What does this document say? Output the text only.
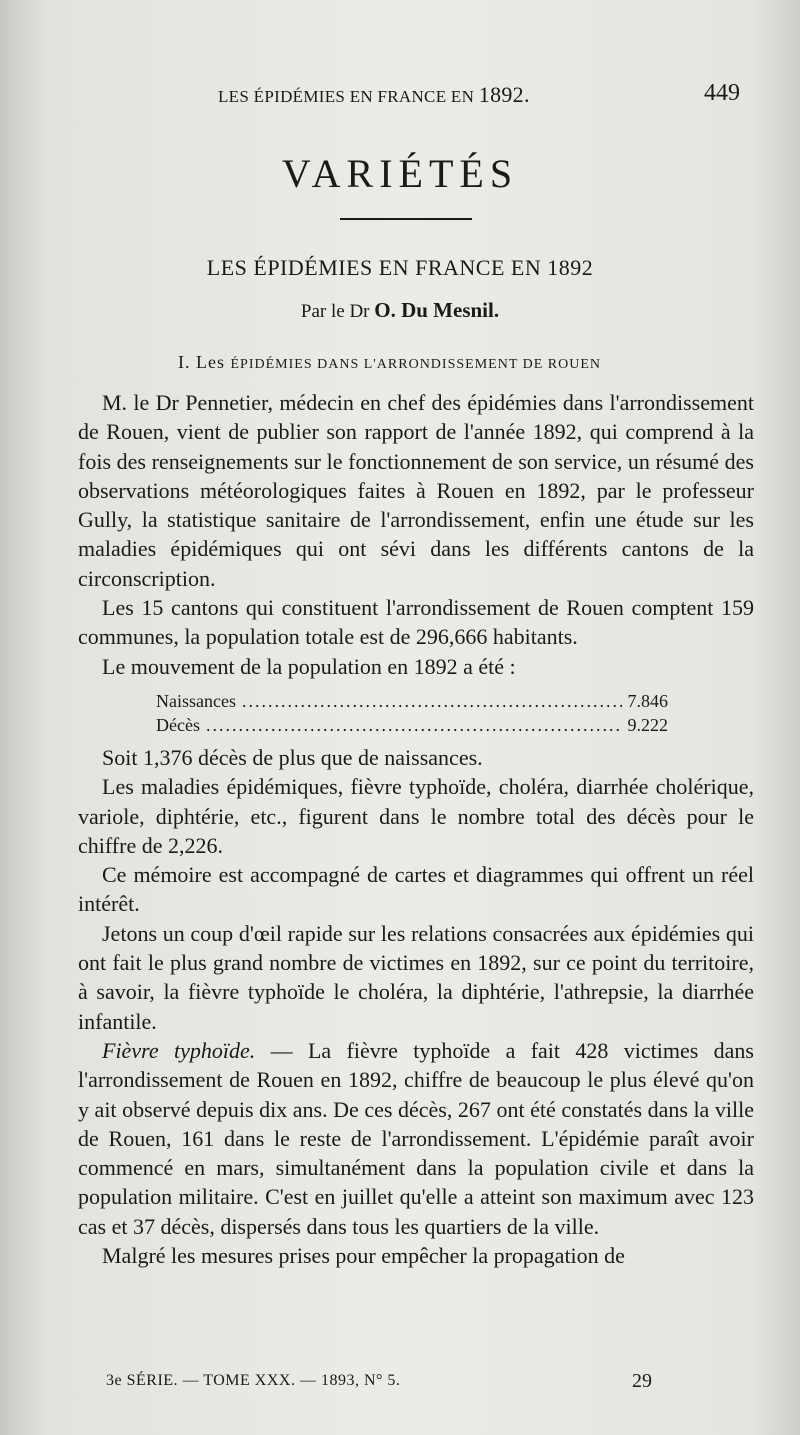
LES ÉPIDÉMIES EN FRANCE EN 1892.	449
VARIÉTÉS
LES ÉPIDÉMIES EN FRANCE EN 1892
Par le Dr O. Du Mesnil.
I. Les ÉPIDÉMIES DANS L'ARRONDISSEMENT DE ROUEN

M. le Dr Pennetier, médecin en chef des épidémies dans l'arrondissement de Rouen, vient de publier son rapport de l'année 1892, qui comprend à la fois des renseignements sur le fonctionnement de son service, un résumé des observations météorologiques faites à Rouen en 1892, par le professeur Gully, la statistique sanitaire de l'arrondissement, enfin une étude sur les maladies épidémiques qui ont sévi dans les différents cantons de la circonscription.

Les 15 cantons qui constituent l'arrondissement de Rouen comptent 159 communes, la population totale est de 296,666 habitants.

Le mouvement de la population en 1892 a été :

Naissances .....	7.846
Décès .....	9.222

Soit 1,376 décès de plus que de naissances.

Les maladies épidémiques, fièvre typhoïde, choléra, diarrhée cholérique, variole, diphtérie, etc., figurent dans le nombre total des décès pour le chiffre de 2,226.

Ce mémoire est accompagné de cartes et diagrammes qui offrent un réel intérêt.

Jetons un coup d'œil rapide sur les relations consacrées aux épidémies qui ont fait le plus grand nombre de victimes en 1892, sur ce point du territoire, à savoir, la fièvre typhoïde le choléra, la diphtérie, l'athrepsie, la diarrhée infantile.

Fièvre typhoïde. — La fièvre typhoïde a fait 428 victimes dans l'arrondissement de Rouen en 1892, chiffre de beaucoup le plus élevé qu'on y ait observé depuis dix ans. De ces décès, 267 ont été constatés dans la ville de Rouen, 161 dans le reste de l'arrondissement. L'épidémie paraît avoir commencé en mars, simultanément dans la population civile et dans la population militaire. C'est en juillet qu'elle a atteint son maximum avec 123 cas et 37 décès, dispersés dans tous les quartiers de la ville.

Malgré les mesures prises pour empêcher la propagation de

3e SÉRIE. — TOME XXX. — 1893, N° 5.	29
